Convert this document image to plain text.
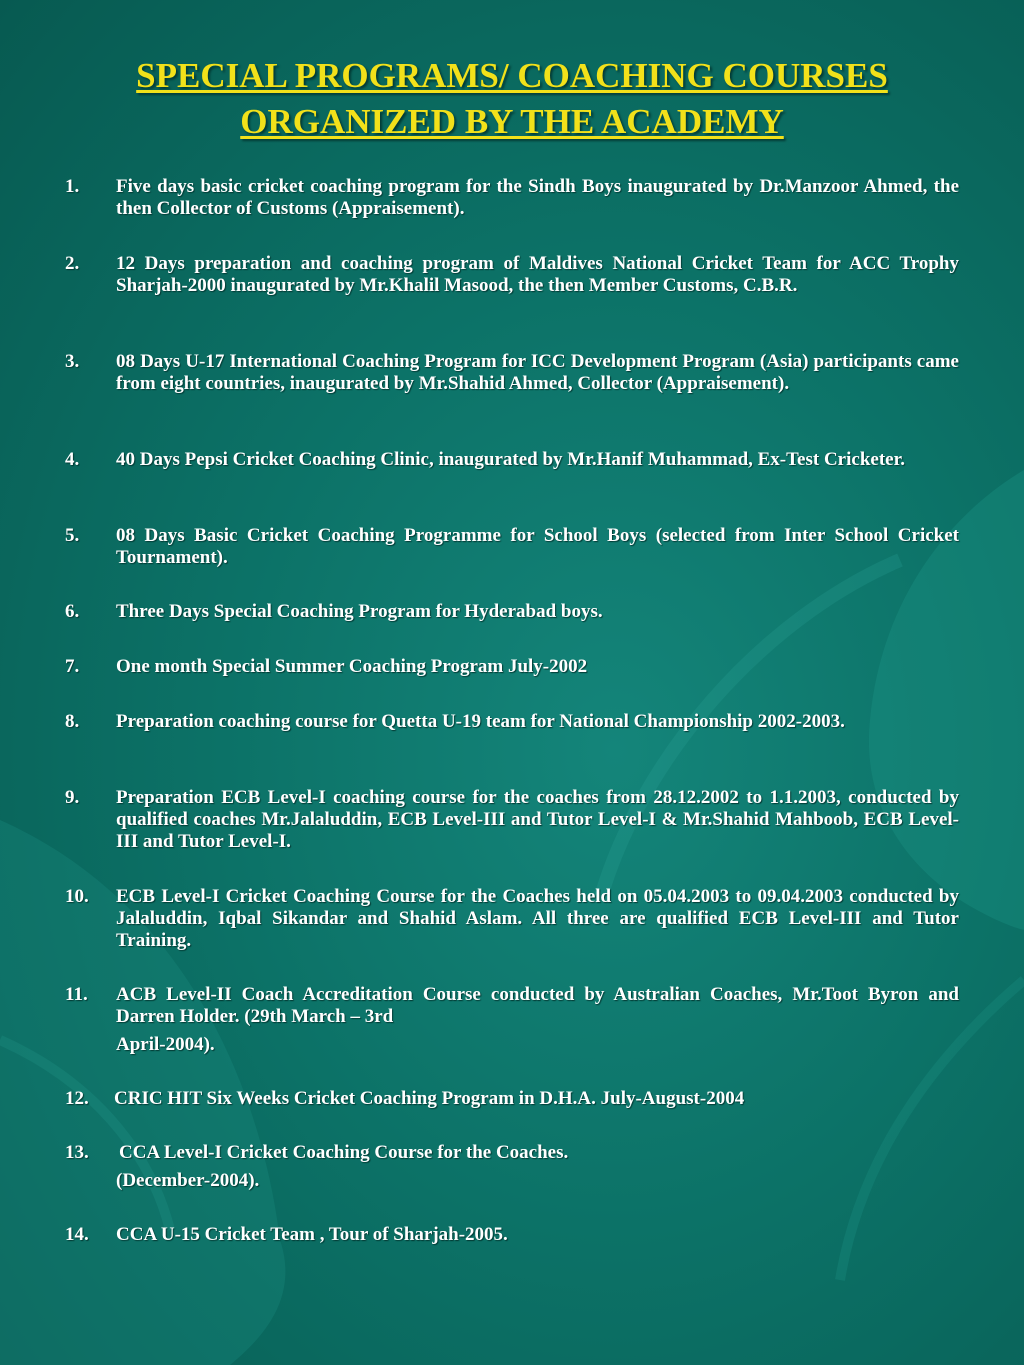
SPECIAL PROGRAMS/ COACHING COURSES
ORGANIZED BY THE ACADEMY
1. Five days basic cricket coaching program for the Sindh Boys inaugurated by Dr.Manzoor Ahmed, the then Collector of Customs (Appraisement).
2. 12 Days preparation and coaching program of Maldives National Cricket Team for ACC Trophy Sharjah-2000 inaugurated by Mr.Khalil Masood, the then Member Customs, C.B.R.
3. 08 Days U-17 International Coaching Program for ICC Development Program (Asia) participants came from eight countries, inaugurated by Mr.Shahid Ahmed, Collector (Appraisement).
4. 40 Days Pepsi Cricket Coaching Clinic, inaugurated by Mr.Hanif Muhammad, Ex-Test Cricketer.
5. 08 Days Basic Cricket Coaching Programme for School Boys (selected from Inter School Cricket Tournament).
6. Three Days Special Coaching Program for Hyderabad boys.
7. One month Special Summer Coaching Program July-2002
8. Preparation coaching course for Quetta U-19 team for National Championship 2002-2003.
9. Preparation ECB Level-I coaching course for the coaches from 28.12.2002 to 1.1.2003, conducted by qualified coaches Mr.Jalaluddin, ECB Level-III and Tutor Level-I & Mr.Shahid Mahboob, ECB Level-III and Tutor Level-I.
10. ECB Level-I Cricket Coaching Course for the Coaches held on 05.04.2003 to 09.04.2003 conducted by Jalaluddin, Iqbal Sikandar and Shahid Aslam. All three are qualified ECB Level-III and Tutor Training.
11. ACB Level-II Coach Accreditation Course conducted by Australian Coaches, Mr.Toot Byron and Darren Holder. (29th March – 3rd
April-2004).
12. CRIC HIT Six Weeks Cricket Coaching Program in D.H.A. July-August-2004
13. CCA Level-I Cricket Coaching Course for the Coaches.
(December-2004).
14. CCA U-15 Cricket Team , Tour of Sharjah-2005.
